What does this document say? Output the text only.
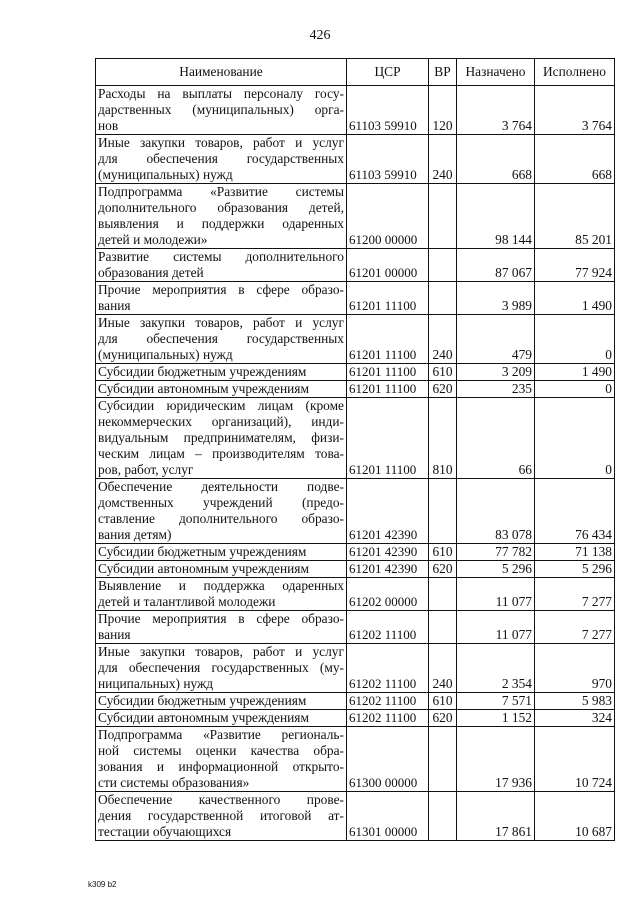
426
Наименование	ЦСР	ВР	Назначено	Исполнено

Расходы на выплаты персоналу госу-
дарственных (муниципальных) орга-
нов	61103 59910	120	3 764	3 764

Иные закупки товаров, работ и услуг
для обеспечения государственных
(муниципальных) нужд	61103 59910	240	668	668

Подпрограмма «Развитие системы
дополнительного образования детей,
выявления и поддержки одаренных
детей и молодежи»	61200 00000		98 144	85 201

Развитие системы дополнительного
образования детей	61201 00000		87 067	77 924

Прочие мероприятия в сфере образо-
вания	61201 11100		3 989	1 490

Иные закупки товаров, работ и услуг
для обеспечения государственных
(муниципальных) нужд	61201 11100	240	479	0

Субсидии бюджетным учреждениям	61201 11100	610	3 209	1 490

Субсидии автономным учреждениям	61201 11100	620	235	0

Субсидии юридическим лицам (кроме
некоммерческих организаций), инди-
видуальным предпринимателям, физи-
ческим лицам – производителям това-
ров, работ, услуг	61201 11100	810	66	0

Обеспечение деятельности подве-
домственных учреждений (предо-
ставление дополнительного образо-
вания детям)	61201 42390		83 078	76 434

Субсидии бюджетным учреждениям	61201 42390	610	77 782	71 138

Субсидии автономным учреждениям	61201 42390	620	5 296	5 296

Выявление и поддержка одаренных
детей и талантливой молодежи	61202 00000		11 077	7 277

Прочие мероприятия в сфере образо-
вания	61202 11100		11 077	7 277

Иные закупки товаров, работ и услуг
для обеспечения государственных (му-
ниципальных) нужд	61202 11100	240	2 354	970

Субсидии бюджетным учреждениям	61202 11100	610	7 571	5 983

Субсидии автономным учреждениям	61202 11100	620	1 152	324

Подпрограмма «Развитие региональ-
ной системы оценки качества обра-
зования и информационной открыто-
сти системы образования»	61300 00000		17 936	10 724

Обеспечение качественного прове-
дения государственной итоговой ат-
тестации обучающихся	61301 00000		17 861	10 687
k309 b2
